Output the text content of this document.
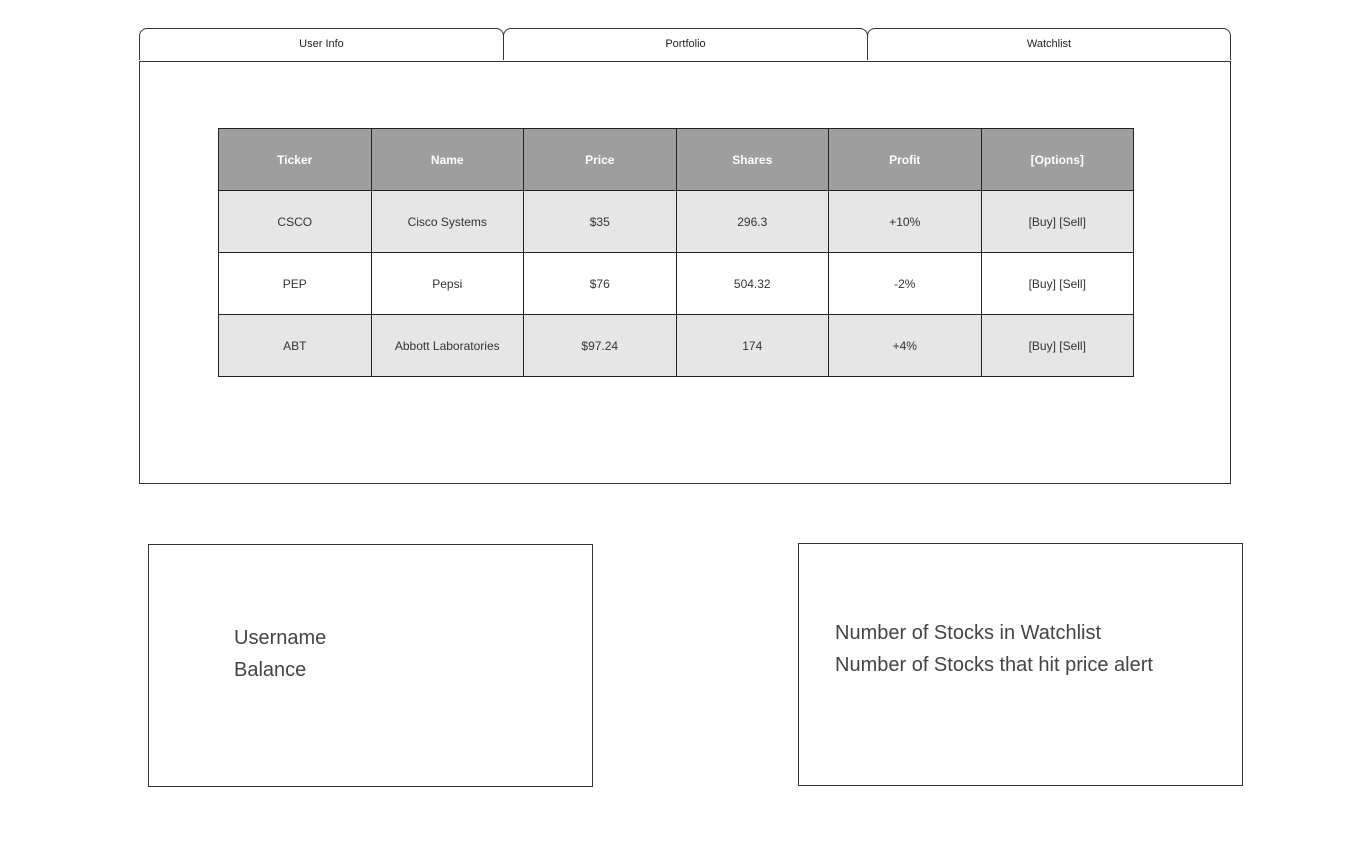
User Info	Portfolio	Watchlist
Ticker	Name	Price	Shares	Profit	[Options]
CSCO	Cisco Systems	$35	296.3	+10%	[Buy] [Sell]
PEP	Pepsi	$76	504.32	-2%	[Buy] [Sell]
ABT	Abbott Laboratories	$97.24	174	+4%	[Buy] [Sell]
Username
Balance
Number of Stocks in Watchlist
Number of Stocks that hit price alert
